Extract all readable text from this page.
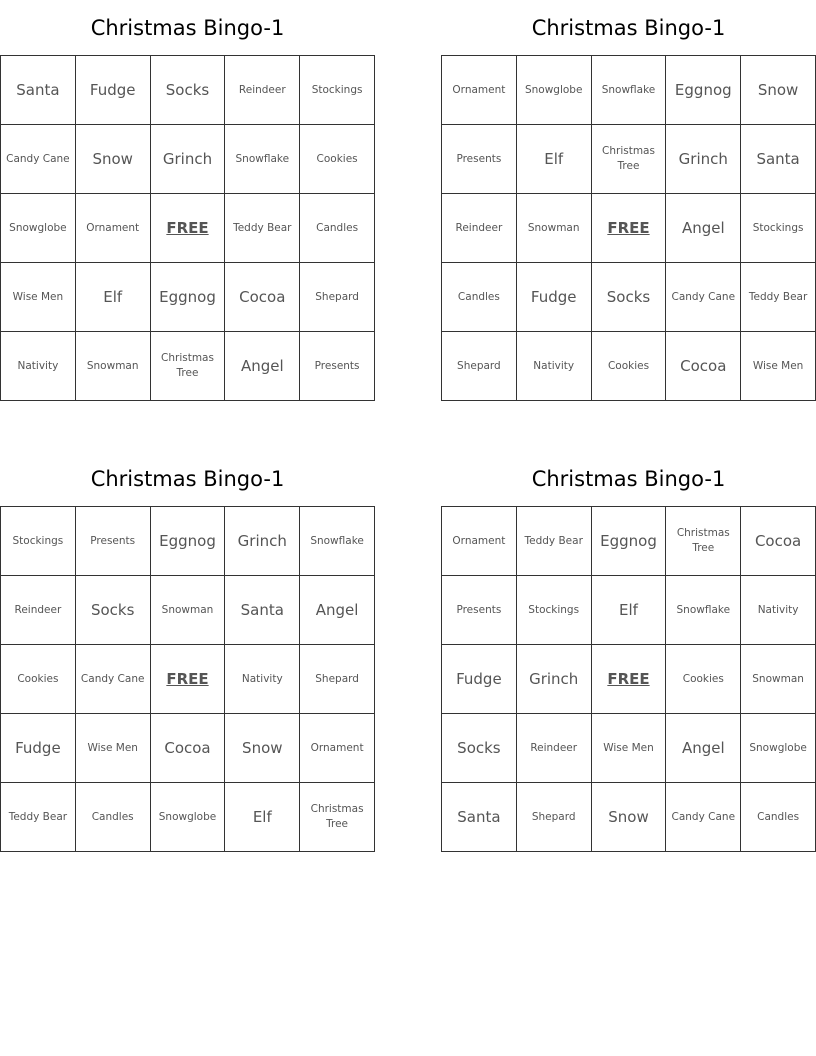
Christmas Bingo-1
Santa	Fudge	Socks	Reindeer	Stockings
Candy Cane	Snow	Grinch	Snowflake	Cookies
Snowglobe	Ornament	FREE	Teddy Bear	Candles
Wise Men	Elf	Eggnog	Cocoa	Shepard
Nativity	Snowman	Christmas Tree	Angel	Presents
Christmas Bingo-1
Ornament	Snowglobe	Snowflake	Eggnog	Snow
Presents	Elf	Christmas Tree	Grinch	Santa
Reindeer	Snowman	FREE	Angel	Stockings
Candles	Fudge	Socks	Candy Cane	Teddy Bear
Shepard	Nativity	Cookies	Cocoa	Wise Men
Christmas Bingo-1
Stockings	Presents	Eggnog	Grinch	Snowflake
Reindeer	Socks	Snowman	Santa	Angel
Cookies	Candy Cane	FREE	Nativity	Shepard
Fudge	Wise Men	Cocoa	Snow	Ornament
Teddy Bear	Candles	Snowglobe	Elf	Christmas Tree
Christmas Bingo-1
Ornament	Teddy Bear	Eggnog	Christmas Tree	Cocoa
Presents	Stockings	Elf	Snowflake	Nativity
Fudge	Grinch	FREE	Cookies	Snowman
Socks	Reindeer	Wise Men	Angel	Snowglobe
Santa	Shepard	Snow	Candy Cane	Candles
